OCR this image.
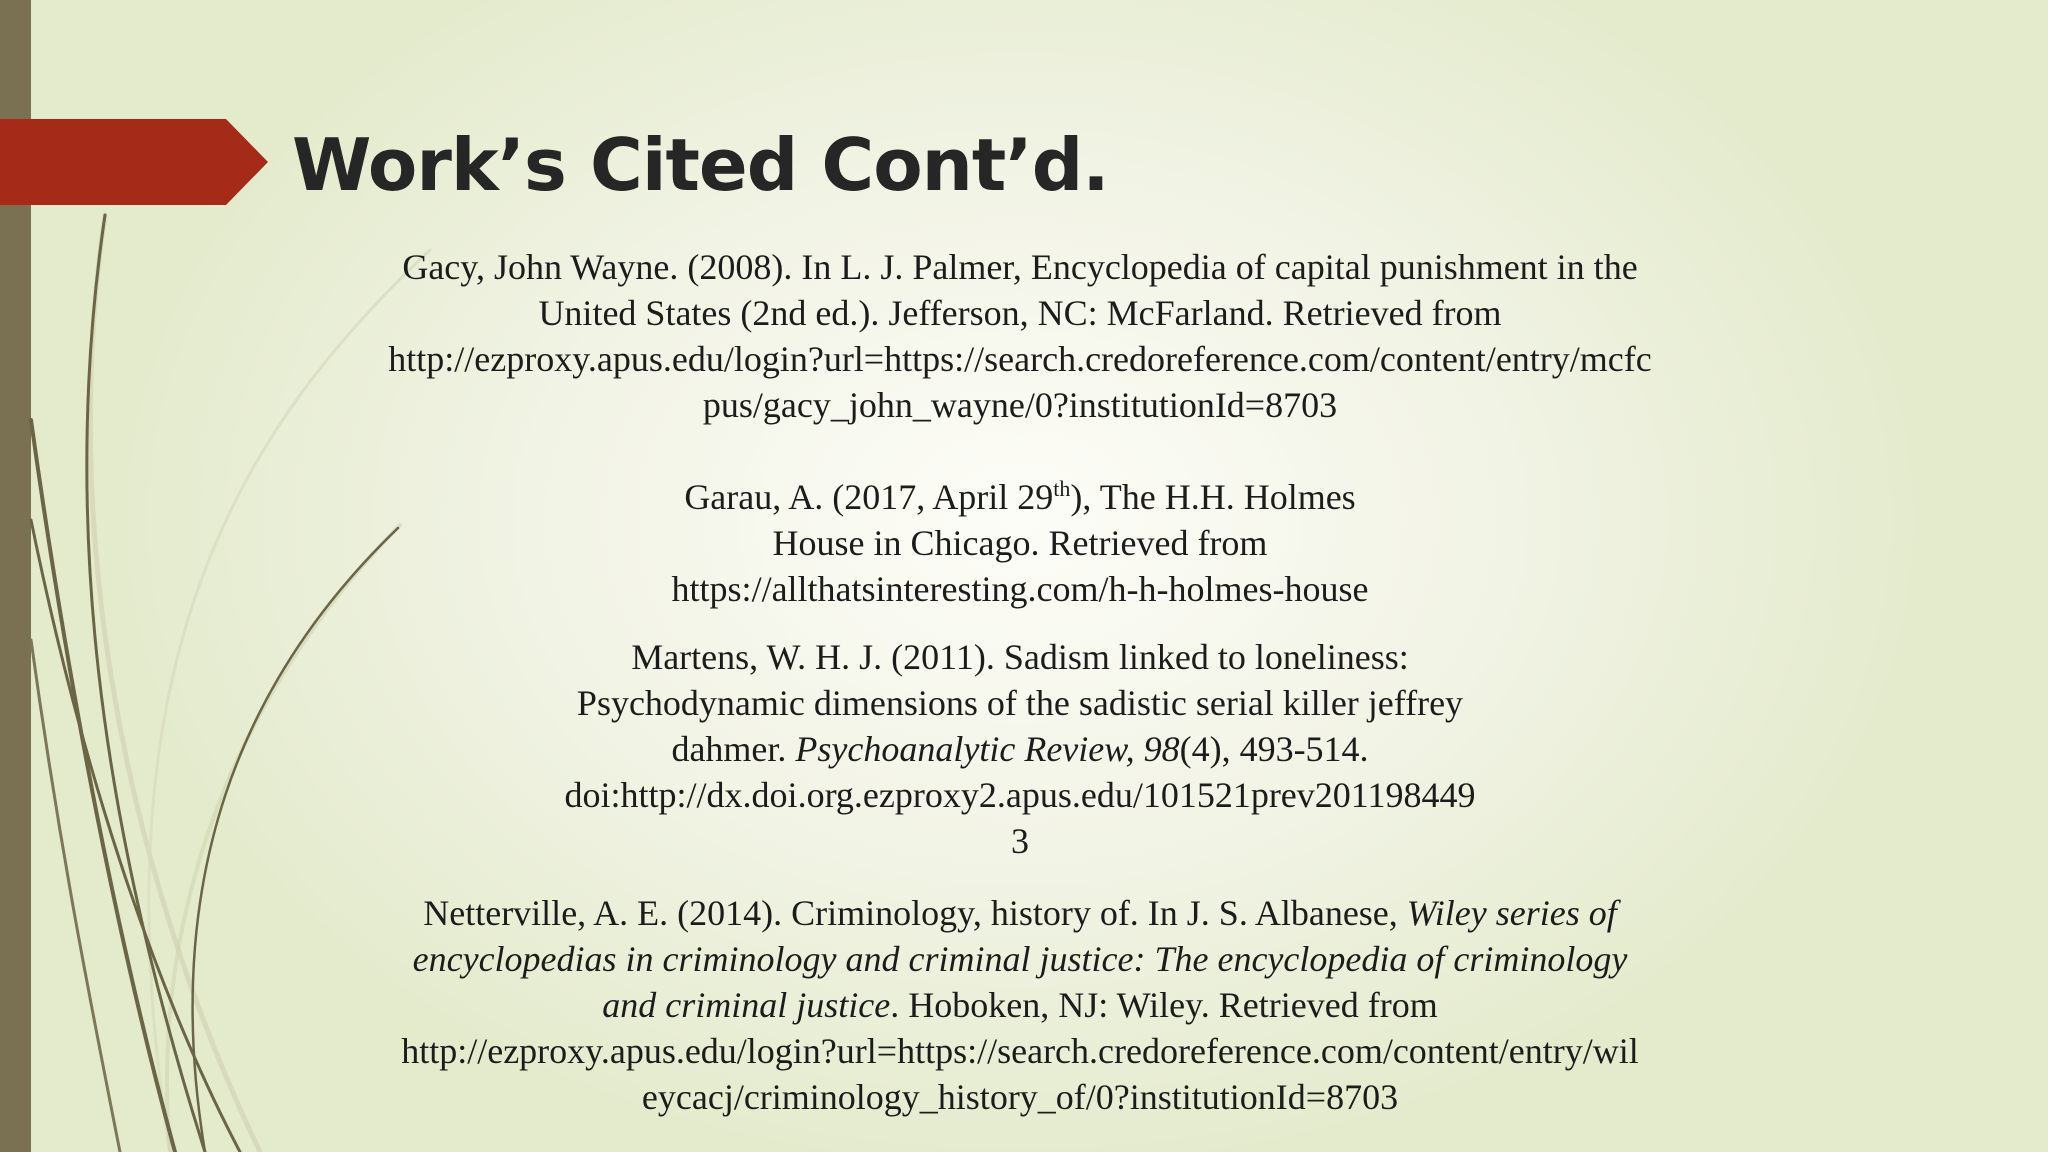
Work’s Cited Cont’d.
Gacy, John Wayne. (2008). In L. J. Palmer, Encyclopedia of capital punishment in the
United States (2nd ed.). Jefferson, NC: McFarland. Retrieved from
http://ezproxy.apus.edu/login?url=https://search.credoreference.com/content/entry/mcfc
pus/gacy_john_wayne/0?institutionId=8703
Garau, A. (2017, April 29th), The H.H. Holmes
House in Chicago. Retrieved from
https://allthatsinteresting.com/h-h-holmes-house
Martens, W. H. J. (2011). Sadism linked to loneliness:
Psychodynamic dimensions of the sadistic serial killer jeffrey
dahmer. Psychoanalytic Review, 98(4), 493-514.
doi:http://dx.doi.org.ezproxy2.apus.edu/101521prev201198449
3
Netterville, A. E. (2014). Criminology, history of. In J. S. Albanese, Wiley series of
encyclopedias in criminology and criminal justice: The encyclopedia of criminology
and criminal justice. Hoboken, NJ: Wiley. Retrieved from
http://ezproxy.apus.edu/login?url=https://search.credoreference.com/content/entry/wil
eycacj/criminology_history_of/0?institutionId=8703
